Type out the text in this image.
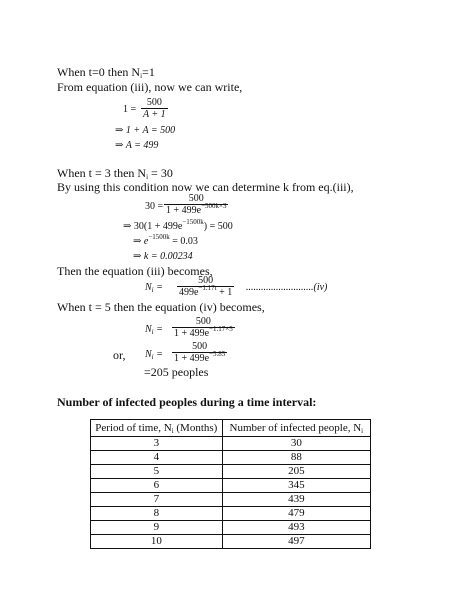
When t=0 then $N_i=1$
From equation (iii), now we can write,
$1 = \frac{500}{A + 1}$
⇒ 1 + A = 500
⇒ A = 499
When t = 3 then $N_i = 30$
By using this condition now we can determine k from eq.(iii),
$30 = \frac{500}{1 + 499e^{-500k\times 3}}$
⇒ $30(1 + 499e^{-1500k}) = 500$
⇒ $e^{-1500k} = 0.03$
⇒ k = 0.00234
Then the equation (iii) becomes,
$N_i = \frac{500}{499e^{-1.17t} + 1} ...........................(iv)$
When t = 5 then the equation (iv) becomes,
$N_i = \frac{500}{1 + 499e^{-1.17\times 5}}$
or, $N_i = \frac{500}{1 + 499e^{-5.85}}$
=205 peoples
Number of infected peoples during a time interval:
Period of time, $N_i$ (Months)	Number of infected people, $N_i$
3	30
4	88
5	205
6	345
7	439
8	479
9	493
10	497
